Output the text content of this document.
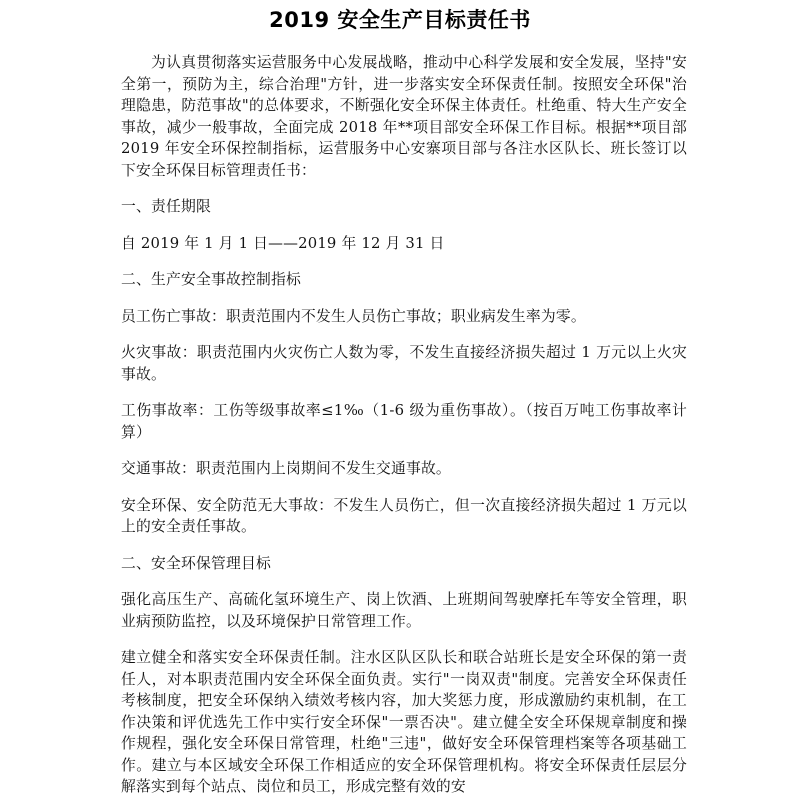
2019 安全生产目标责任书

为认真贯彻落实运营服务中心发展战略，推动中心科学发展和安全发展，坚持"安全第一，预防为主，综合治理"方针，进一步落实安全环保责任制。按照安全环保"治理隐患，防范事故"的总体要求，不断强化安全环保主体责任。杜绝重、特大生产安全事故，减少一般事故，全面完成 2018 年**项目部安全环保工作目标。根据**项目部 2019 年安全环保控制指标，运营服务中心安寨项目部与各注水区队长、班长签订以下安全环保目标管理责任书：

一、责任期限

自 2019 年 1 月 1 日——2019 年 12 月 31 日

二、生产安全事故控制指标

员工伤亡事故：职责范围内不发生人员伤亡事故；职业病发生率为零。

火灾事故：职责范围内火灾伤亡人数为零，不发生直接经济损失超过 1 万元以上火灾事故。

工伤事故率：工伤等级事故率≤1‰（1-6 级为重伤事故）。（按百万吨工伤事故率计算）

交通事故：职责范围内上岗期间不发生交通事故。

安全环保、安全防范无大事故：不发生人员伤亡，但一次直接经济损失超过 1 万元以上的安全责任事故。

二、安全环保管理目标

强化高压生产、高硫化氢环境生产、岗上饮酒、上班期间驾驶摩托车等安全管理，职业病预防监控，以及环境保护日常管理工作。

建立健全和落实安全环保责任制。注水区队区队长和联合站班长是安全环保的第一责任人，对本职责范围内安全环保全面负责。实行"一岗双责"制度。完善安全环保责任考核制度，把安全环保纳入绩效考核内容，加大奖惩力度，形成激励约束机制，在工作决策和评优选先工作中实行安全环保"一票否决"。建立健全安全环保规章制度和操作规程，强化安全环保日常管理，杜绝"三违"，做好安全环保管理档案等各项基础工作。建立与本区域安全环保工作相适应的安全环保管理机构。将安全环保责任层层分解落实到每个站点、岗位和员工，形成完整有效的安
